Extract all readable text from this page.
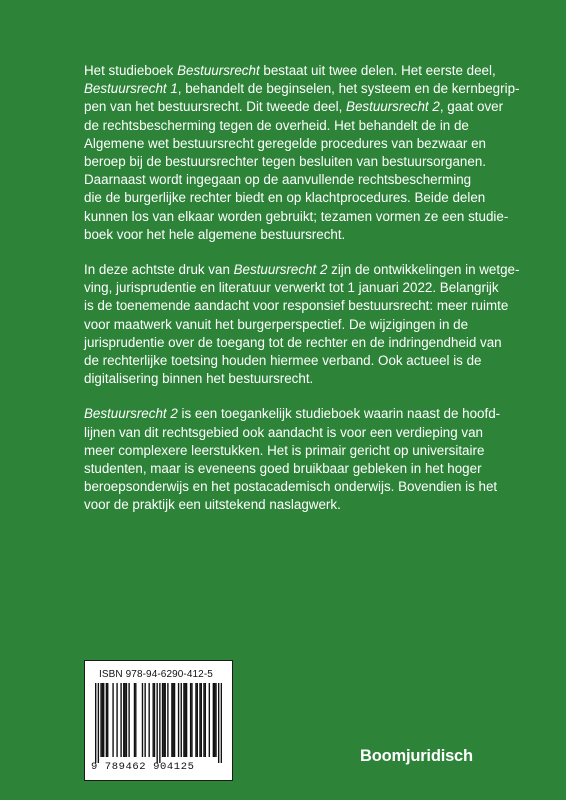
Het studieboek Bestuursrecht bestaat uit twee delen. Het eerste deel,
Bestuursrecht 1, behandelt de beginselen, het systeem en de kernbegrip-
pen van het bestuursrecht. Dit tweede deel, Bestuursrecht 2, gaat over
de rechtsbescherming tegen de overheid. Het behandelt de in de
Algemene wet bestuursrecht geregelde procedures van bezwaar en
beroep bij de bestuursrechter tegen besluiten van bestuursorganen.
Daarnaast wordt ingegaan op de aanvullende rechtsbescherming
die de burgerlijke rechter biedt en op klachtprocedures. Beide delen
kunnen los van elkaar worden gebruikt; tezamen vormen ze een studie-
boek voor het hele algemene bestuursrecht.

In deze achtste druk van Bestuursrecht 2 zijn de ontwikkelingen in wetge-
ving, jurisprudentie en literatuur verwerkt tot 1 januari 2022. Belangrijk
is de toenemende aandacht voor responsief bestuursrecht: meer ruimte
voor maatwerk vanuit het burgerperspectief. De wijzigingen in de
jurisprudentie over de toegang tot de rechter en de indringendheid van
de rechterlijke toetsing houden hiermee verband. Ook actueel is de
digitalisering binnen het bestuursrecht.

Bestuursrecht 2 is een toegankelijk studieboek waarin naast de hoofd-
lijnen van dit rechtsgebied ook aandacht is voor een verdieping van
meer complexere leerstukken. Het is primair gericht op universitaire
studenten, maar is eveneens goed bruikbaar gebleken in het hoger
beroepsonderwijs en het postacademisch onderwijs. Bovendien is het
voor de praktijk een uitstekend naslagwerk.

ISBN 978-94-6290-412-5
9 789462 904125
Boomjuridisch
